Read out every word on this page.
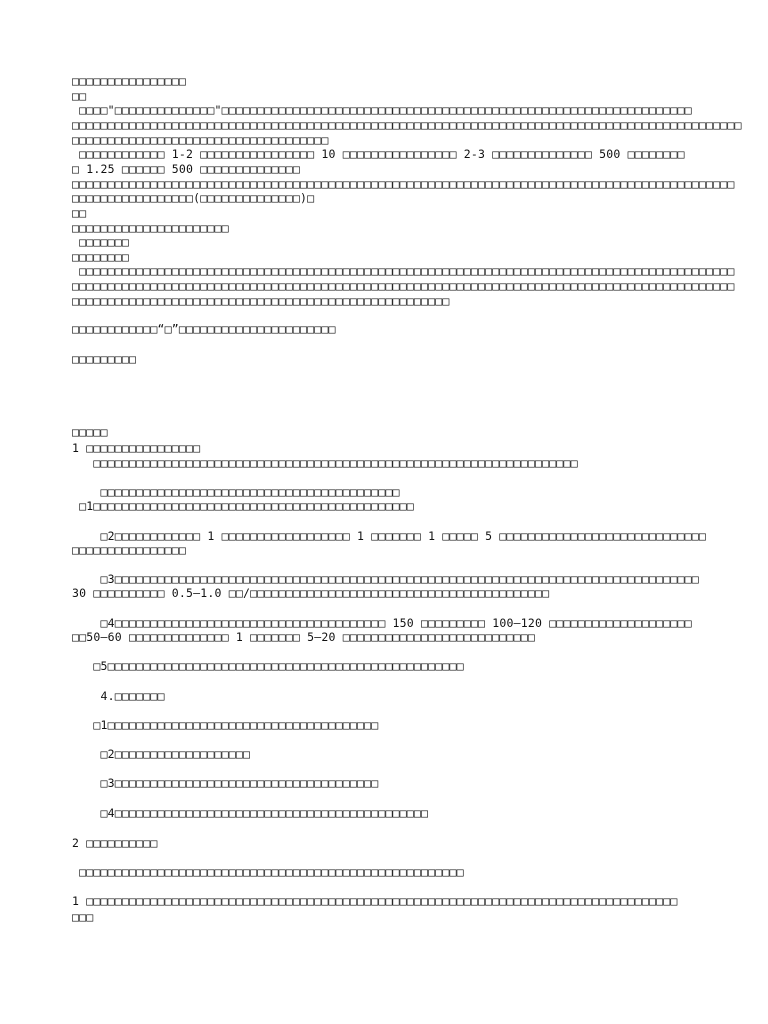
□□□□□□□□□□□□□□□□
□□
□□□□"□□□□□□□□□□□□□□"□□□□□□□□□□□□□□□□□□□□□□□□□□□□□□□□□□□□□□□□□□□□□□□□□□□□□□□□□□□□□□□□□□
□□□□□□□□□□□□□□□□□□□□□□□□□□□□□□□□□□□□□□□□□□□□□□□□□□□□□□□□□□□□□□□□□□□□□□□□□□□□□□□□□□□□□□□□□□□□□□
□□□□□□□□□□□□□□□□□□□□□□□□□□□□□□□□□□□□
□□□□□□□□□□□□ 1-2 □□□□□□□□□□□□□□□□ 10 □□□□□□□□□□□□□□□□ 2-3 □□□□□□□□□□□□□□ 500 □□□□□□□□
□ 1.25 □□□□□□ 500 □□□□□□□□□□□□□□
□□□□□□□□□□□□□□□□□□□□□□□□□□□□□□□□□□□□□□□□□□□□□□□□□□□□□□□□□□□□□□□□□□□□□□□□□□□□□□□□□□□□□□□□□□□□□
□□□□□□□□□□□□□□□□□(□□□□□□□□□□□□□□)□
□□
□□□□□□□□□□□□□□□□□□□□□□
□□□□□□□
□□□□□□□□
□□□□□□□□□□□□□□□□□□□□□□□□□□□□□□□□□□□□□□□□□□□□□□□□□□□□□□□□□□□□□□□□□□□□□□□□□□□□□□□□□□□□□□□□□□□□
□□□□□□□□□□□□□□□□□□□□□□□□□□□□□□□□□□□□□□□□□□□□□□□□□□□□□□□□□□□□□□□□□□□□□□□□□□□□□□□□□□□□□□□□□□□□□
□□□□□□□□□□□□□□□□□□□□□□□□□□□□□□□□□□□□□□□□□□□□□□□□□□□□□
□□□□□□□□□□□□“□”□□□□□□□□□□□□□□□□□□□□□□
□□□□□□□□□
□□□□□
1 □□□□□□□□□□□□□□□□
□□□□□□□□□□□□□□□□□□□□□□□□□□□□□□□□□□□□□□□□□□□□□□□□□□□□□□□□□□□□□□□□□□□□
□□□□□□□□□□□□□□□□□□□□□□□□□□□□□□□□□□□□□□□□□□
□1□□□□□□□□□□□□□□□□□□□□□□□□□□□□□□□□□□□□□□□□□□□□□
□2□□□□□□□□□□□□ 1 □□□□□□□□□□□□□□□□□□ 1 □□□□□□□ 1 □□□□□ 5 □□□□□□□□□□□□□□□□□□□□□□□□□□□□□
□□□□□□□□□□□□□□□□
□3□□□□□□□□□□□□□□□□□□□□□□□□□□□□□□□□□□□□□□□□□□□□□□□□□□□□□□□□□□□□□□□□□□□□□□□□□□□□□□□□□□
30 □□□□□□□□□□ 0.5—1.0 □□/□□□□□□□□□□□□□□□□□□□□□□□□□□□□□□□□□□□□□□□□□□
□4□□□□□□□□□□□□□□□□□□□□□□□□□□□□□□□□□□□□□□ 150 □□□□□□□□□ 100—120 □□□□□□□□□□□□□□□□□□□□
□□50—60 □□□□□□□□□□□□□□ 1 □□□□□□□ 5—20 □□□□□□□□□□□□□□□□□□□□□□□□□□□
□5□□□□□□□□□□□□□□□□□□□□□□□□□□□□□□□□□□□□□□□□□□□□□□□□□□
4.□□□□□□□
□1□□□□□□□□□□□□□□□□□□□□□□□□□□□□□□□□□□□□□□
□2□□□□□□□□□□□□□□□□□□□
□3□□□□□□□□□□□□□□□□□□□□□□□□□□□□□□□□□□□□□
□4□□□□□□□□□□□□□□□□□□□□□□□□□□□□□□□□□□□□□□□□□□□□
2 □□□□□□□□□□
□□□□□□□□□□□□□□□□□□□□□□□□□□□□□□□□□□□□□□□□□□□□□□□□□□□□□□
1 □□□□□□□□□□□□□□□□□□□□□□□□□□□□□□□□□□□□□□□□□□□□□□□□□□□□□□□□□□□□□□□□□□□□□□□□□□□□□□□□□□□
□□□
